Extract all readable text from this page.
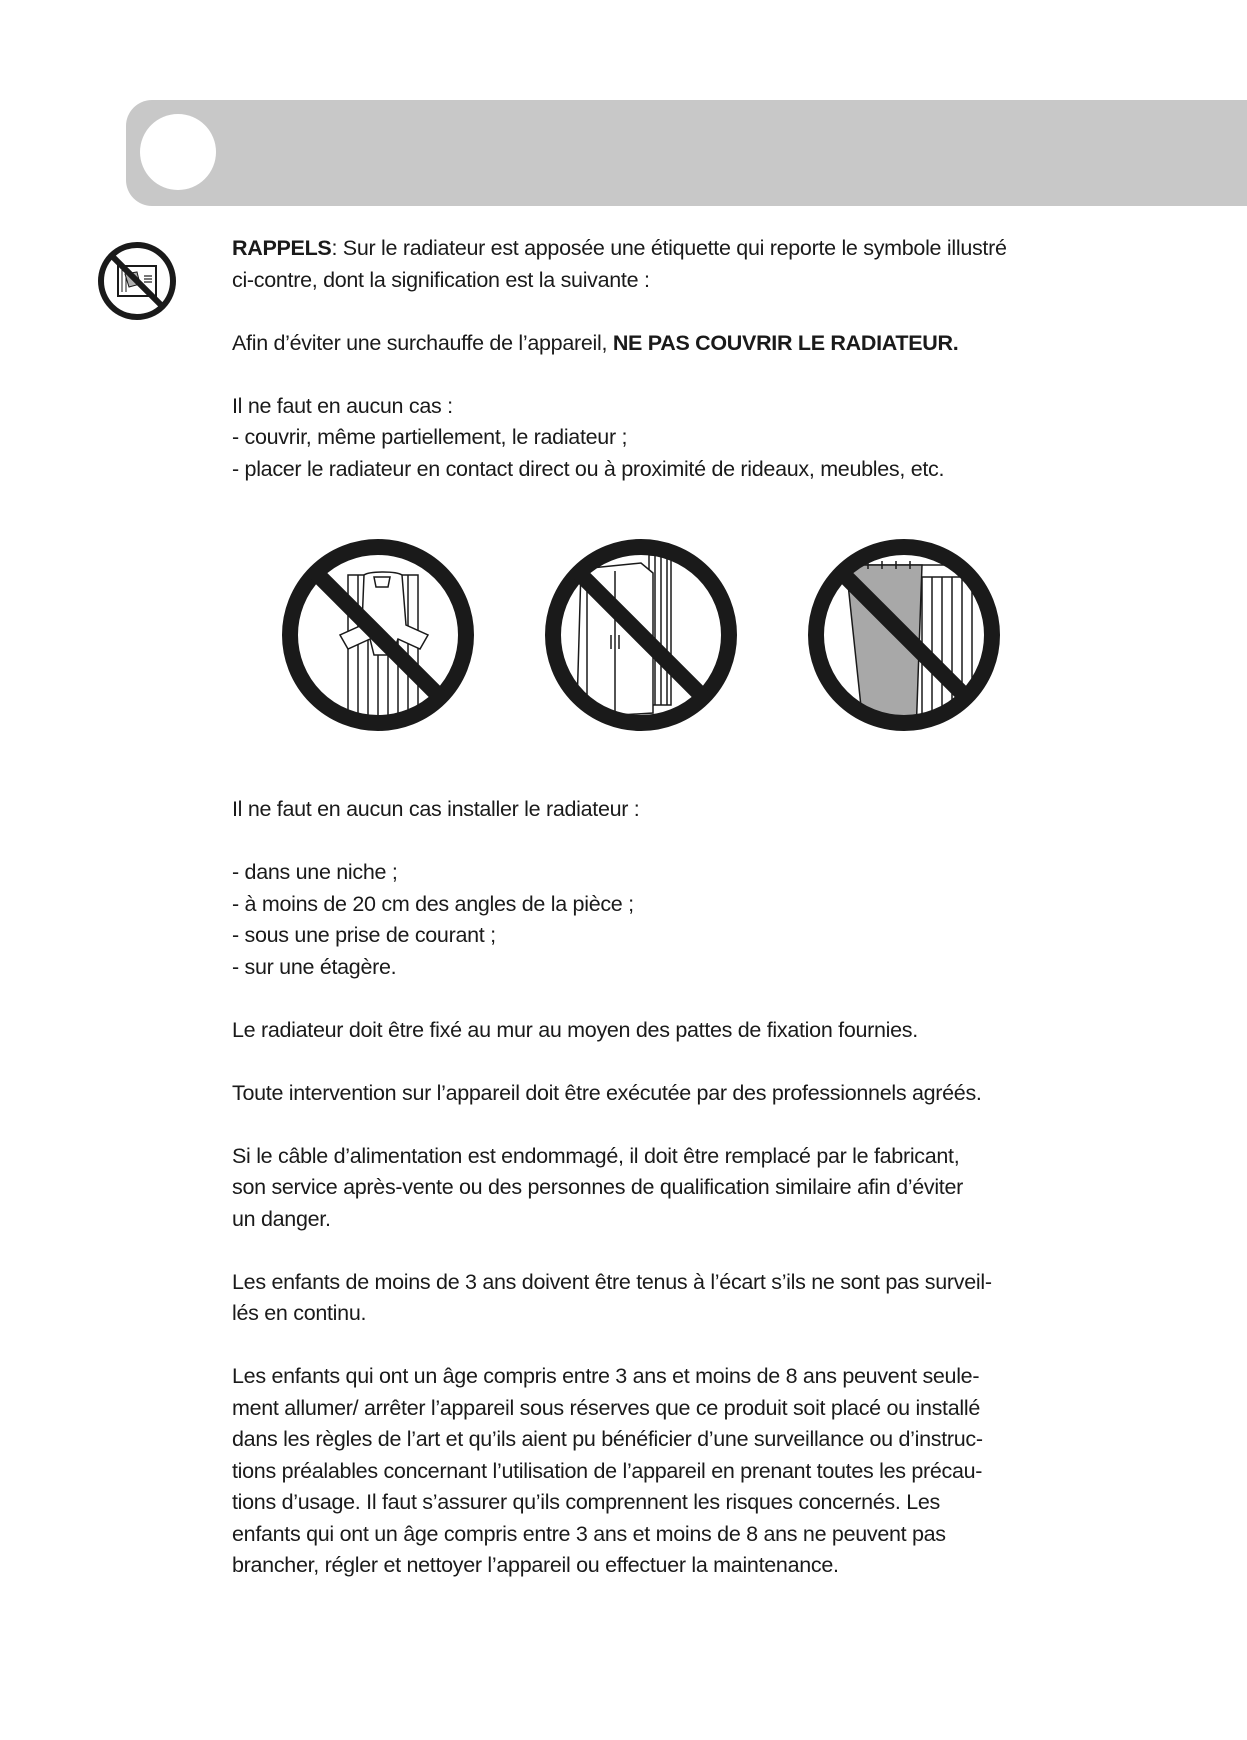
RAPPELS: Sur le radiateur est apposée une étiquette qui reporte le symbole illustré
ci-contre, dont la signification est la suivante :

Afin d’éviter une surchauffe de l’appareil, NE PAS COUVRIR LE RADIATEUR.

Il ne faut en aucun cas :
- couvrir, même partiellement, le radiateur ;
- placer le radiateur en contact direct ou à proximité de rideaux, meubles, etc.

Il ne faut en aucun cas installer le radiateur :

- dans une niche ;
- à moins de 20 cm des angles de la pièce ;
- sous une prise de courant ;
- sur une étagère.

Le radiateur doit être fixé au mur au moyen des pattes de fixation fournies.

Toute intervention sur l’appareil doit être exécutée par des professionnels agréés.

Si le câble d’alimentation est endommagé, il doit être remplacé par le fabricant,
son service après-vente ou des personnes de qualification similaire afin d’éviter
un danger.

Les enfants de moins de 3 ans doivent être tenus à l’écart s’ils ne sont pas surveil-
lés en continu.

Les enfants qui ont un âge compris entre 3 ans et moins de 8 ans peuvent seule-
ment allumer/ arrêter l’appareil sous réserves que ce produit soit placé ou installé
dans les règles de l’art et qu’ils aient pu bénéficier d’une surveillance ou d’instruc-
tions préalables concernant l’utilisation de l’appareil en prenant toutes les précau-
tions d’usage. Il faut s’assurer qu’ils comprennent les risques concernés. Les
enfants qui ont un âge compris entre 3 ans et moins de 8 ans ne peuvent pas
brancher, régler et nettoyer l’appareil ou effectuer la maintenance.
